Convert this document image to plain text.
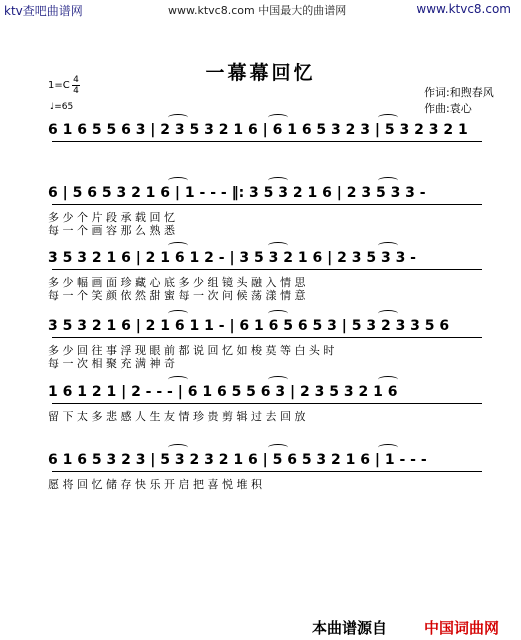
ktv查吧曲谱网	www.ktvc8.com 中国最大的曲谱网	www.ktvc8.com
一幕幕回忆
1=C 4
4
♩=65
作词:和煦春风
作曲:袁心
6 1 6 5 5 6 3 | 2 3 5 3 2 1 6 | 6 1 6 5 3 2 3 | 5 3 2 3 2 1
6 | 5 6 5 3 2 1 6 | 1 - - - ‖: 3 5 3 2 1 6 | 2 3 5 3 3 -
多 少 个 片 段 承 载 回 忆
每 一 个 画 容 那 么 熟 悉
3 5 3 2 1 6 | 2 1 6 1 2 - | 3 5 3 2 1 6 | 2 3 5 3 3 -
多 少 幅 画 面 珍 藏 心 底 多 少 组 镜 头 融 入 情 思
每 一 个 笑 颜 依 然 甜 蜜 每 一 次 问 候 荡 漾 情 意
3 5 3 2 1 6 | 2 1 6 1 1 - | 6 1 6 5 6 5 3 | 5 3 2 3 3 5 6
多 少 回 往 事 浮 现 眼 前 都 说 回 忆 如 梭 莫 等 白 头 时
每 一 次 相 聚 充 满 神 奇
1 6 1 2 1 | 2 - - - | 6 1 6 5 5 6 3 | 2 3 5 3 2 1 6
留 下 太 多 悲 感 人 生 友 情 珍 贵 剪 辑 过 去 回 放
6 1 6 5 3 2 3 | 5 3 2 3 2 1 6 | 5 6 5 3 2 1 6 | 1 - - -
愿 将 回 忆 储 存 快 乐 开 启 把 喜 悦 堆 积
本曲谱源自 中国词曲网
